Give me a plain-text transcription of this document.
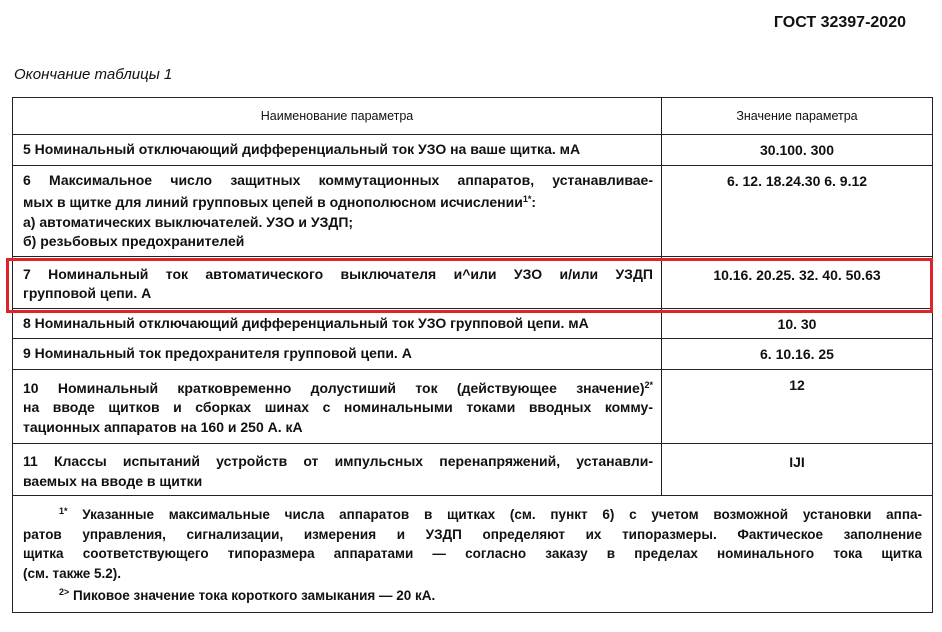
ГОСТ 32397-2020
Окончание таблицы 1
Наименование параметра	Значение параметра

5 Номинальный отключающий дифференциальный ток УЗО на ваше щитка. мА	30.100. 300

6 Максимальное число защитных коммутационных аппаратов, устанавливае-
мых в щитке для линий групповых цепей в однополюсном исчислении$^{1*}$:
а) автоматических выключателей. УЗО и УЗДП;
б) резьбовых предохранителей	6. 12. 18.24.30 6. 9.12

7 Номинальный ток автоматического выключателя и^или УЗО и/или УЗДП
групповой цепи. А	10.16. 20.25. 32. 40. 50.63

8 Номинальный отключающий дифференциальный ток УЗО групповой цепи. мА	10. 30

9 Номинальный ток предохранителя групповой цепи. А	6. 10.16. 25

10 Номинальный кратковременно долустиший ток (действующее значение)$^{2*}$
на вводе щитков и сборках шинах с номинальными токами вводных комму-
тационных аппаратов на 160 и 250 А. кА	12

11 Классы испытаний устройств от импульсных перенапряжений, устанавли-
ваемых на вводе в щитки	IJI

$^{1*}$ Указанные максимальные числа аппаратов в щитках (см. пункт 6) с учетом возможной установки аппа-
ратов управления, сигнализации, измерения и УЗДП определяют их типоразмеры. Фактическое заполнение
щитка соответствующего типоразмера аппаратами — согласно заказу в пределах номинального тока щитка
(см. также 5.2).
$^{2>}$ Пиковое значение тока короткого замыкания — 20 кА.	
